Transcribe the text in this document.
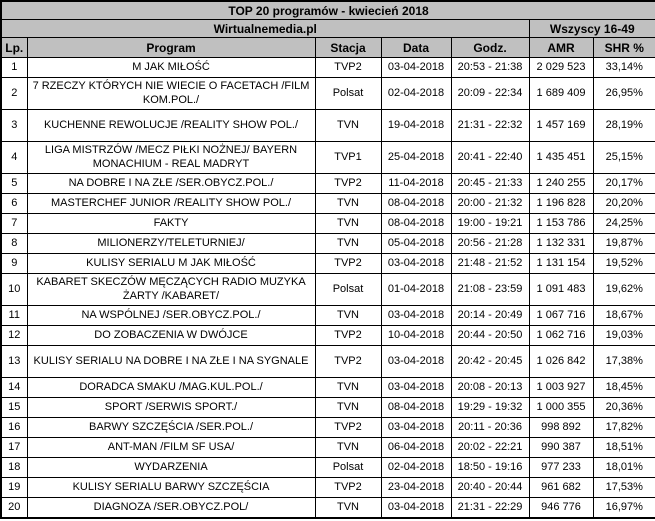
TOP 20 programów - kwiecień 2018						
Wirtualnemedia.pl					Wszyscy 16-49	
Lp.	Program	Stacja	Data	Godz.	AMR	SHR %
1	M JAK MIŁOŚĆ	TVP2	03-04-2018	20:53 - 21:38	2 029 523	33,14%
2	7 RZECZY KTÓRYCH NIE WIECIE O FACETACH /FILM KOM.POL./	Polsat	02-04-2018	20:09 - 22:34	1 689 409	26,95%
3	KUCHENNE REWOLUCJE /REALITY SHOW POL./	TVN	19-04-2018	21:31 - 22:32	1 457 169	28,19%
4	LIGA MISTRZÓW /MECZ PIŁKI NOŻNEJ/ BAYERN MONACHIUM - REAL MADRYT	TVP1	25-04-2018	20:41 - 22:40	1 435 451	25,15%
5	NA DOBRE I NA ZŁE /SER.OBYCZ.POL./	TVP2	11-04-2018	20:45 - 21:33	1 240 255	20,17%
6	MASTERCHEF JUNIOR /REALITY SHOW POL./	TVN	08-04-2018	20:00 - 21:32	1 196 828	20,20%
7	FAKTY	TVN	08-04-2018	19:00 - 19:21	1 153 786	24,25%
8	MILIONERZY/TELETURNIEJ/	TVN	05-04-2018	20:56 - 21:28	1 132 331	19,87%
9	KULISY SERIALU M JAK MIŁOŚĆ	TVP2	03-04-2018	21:48 - 21:52	1 131 154	19,52%
10	KABARET SKECZÓW MĘCZĄCYCH RADIO MUZYKA ŻARTY /KABARET/	Polsat	01-04-2018	21:08 - 23:59	1 091 483	19,62%
11	NA WSPÓLNEJ /SER.OBYCZ.POL./	TVN	03-04-2018	20:14 - 20:49	1 067 716	18,67%
12	DO ZOBACZENIA W DWÓJCE	TVP2	10-04-2018	20:44 - 20:50	1 062 716	19,03%
13	KULISY SERIALU NA DOBRE I NA ZŁE I NA SYGNALE	TVP2	03-04-2018	20:42 - 20:45	1 026 842	17,38%
14	DORADCA SMAKU /MAG.KUL.POL./	TVN	03-04-2018	20:08 - 20:13	1 003 927	18,45%
15	SPORT /SERWIS SPORT./	TVN	08-04-2018	19:29 - 19:32	1 000 355	20,36%
16	BARWY SZCZĘŚCIA /SER.POL./	TVP2	03-04-2018	20:11 - 20:36	998 892	17,82%
17	ANT-MAN /FILM SF USA/	TVN	06-04-2018	20:02 - 22:21	990 387	18,51%
18	WYDARZENIA	Polsat	02-04-2018	18:50 - 19:16	977 233	18,01%
19	KULISY SERIALU BARWY SZCZĘŚCIA	TVP2	23-04-2018	20:40 - 20:44	961 682	17,53%
20	DIAGNOZA /SER.OBYCZ.POL/	TVN	03-04-2018	21:31 - 22:29	946 776	16,97%
